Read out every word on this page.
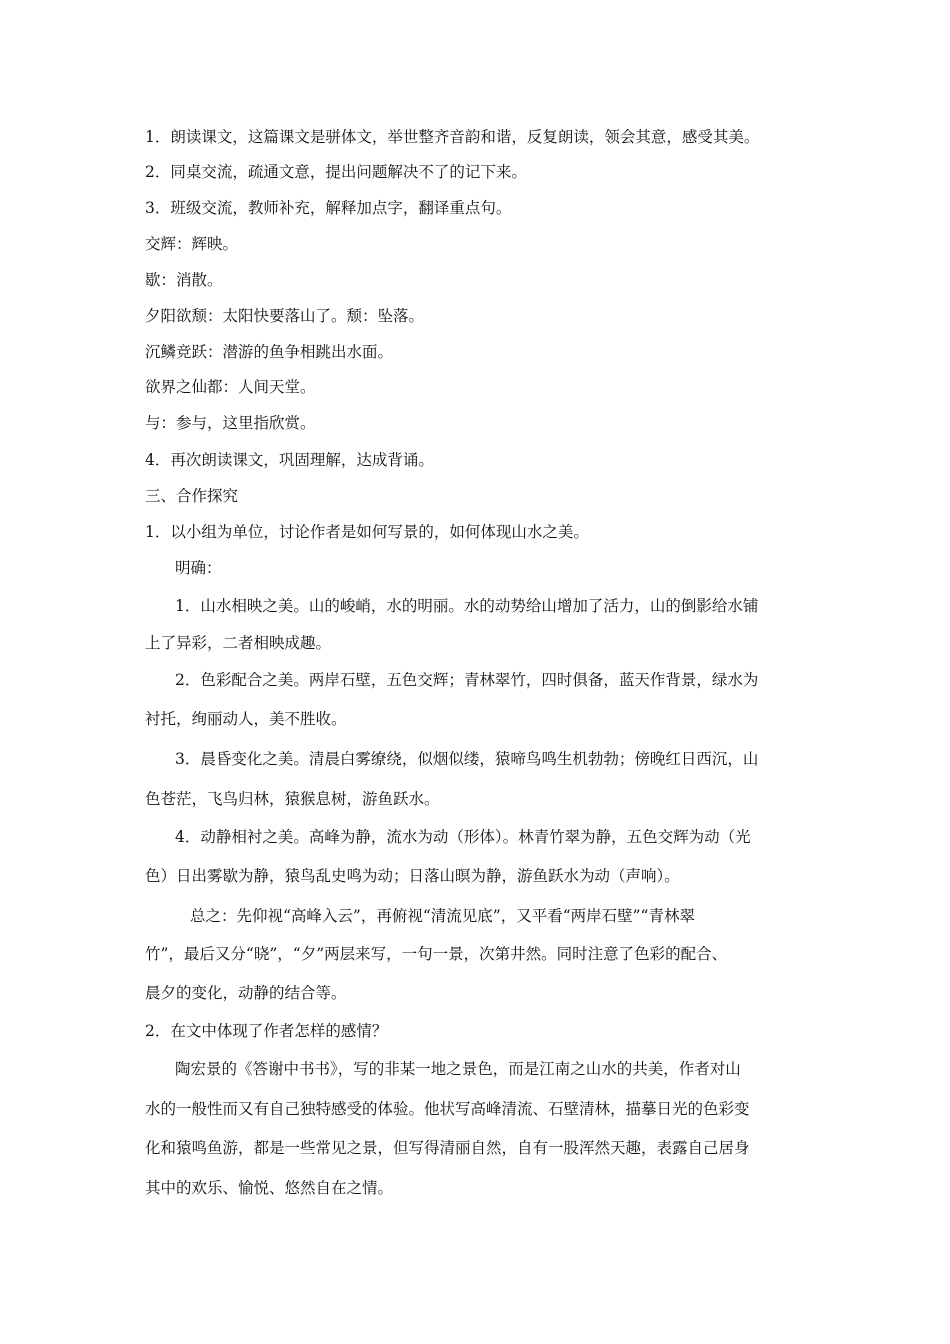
1．朗读课文，这篇课文是骈体文，举世整齐音韵和谐，反复朗读，领会其意，感受其美。
2．同桌交流，疏通文意，提出问题解决不了的记下来。
3．班级交流，教师补充，解释加点字，翻译重点句。
交辉：辉映。
歇：消散。
夕阳欲颓：太阳快要落山了。颓：坠落。
沉鳞竞跃：潜游的鱼争相跳出水面。
欲界之仙都：人间天堂。
与：参与，这里指欣赏。
4．再次朗读课文，巩固理解，达成背诵。
三、合作探究
1．以小组为单位，讨论作者是如何写景的，如何体现山水之美。
明确：
1．山水相映之美。山的峻峭，水的明丽。水的动势给山增加了活力，山的倒影给水铺
上了异彩，二者相映成趣。
2．色彩配合之美。两岸石壁，五色交辉；青林翠竹，四时俱备，蓝天作背景，绿水为
衬托，绚丽动人，美不胜收。
3．晨昏变化之美。清晨白雾缭绕，似烟似缕，猿啼鸟鸣生机勃勃；傍晚红日西沉，山
色苍茫，飞鸟归林，猿猴息树，游鱼跃水。
4．动静相衬之美。高峰为静，流水为动（形体）。林青竹翠为静，五色交辉为动（光
色）日出雾歇为静，猿鸟乱史鸣为动；日落山暝为静，游鱼跃水为动（声响）。
总之：先仰视“高峰入云”，再俯视“清流见底”，又平看“两岸石壁”“青林翠
竹”，最后又分“晓”，“夕”两层来写，一句一景，次第井然。同时注意了色彩的配合、
晨夕的变化，动静的结合等。
2．在文中体现了作者怎样的感情？
陶宏景的《答谢中书书》，写的非某一地之景色，而是江南之山水的共美，作者对山
水的一般性而又有自己独特感受的体验。他状写高峰清流、石壁清林，描摹日光的色彩变
化和猿鸣鱼游，都是一些常见之景，但写得清丽自然，自有一股浑然天趣，表露自己居身
其中的欢乐、愉悦、悠然自在之情。
